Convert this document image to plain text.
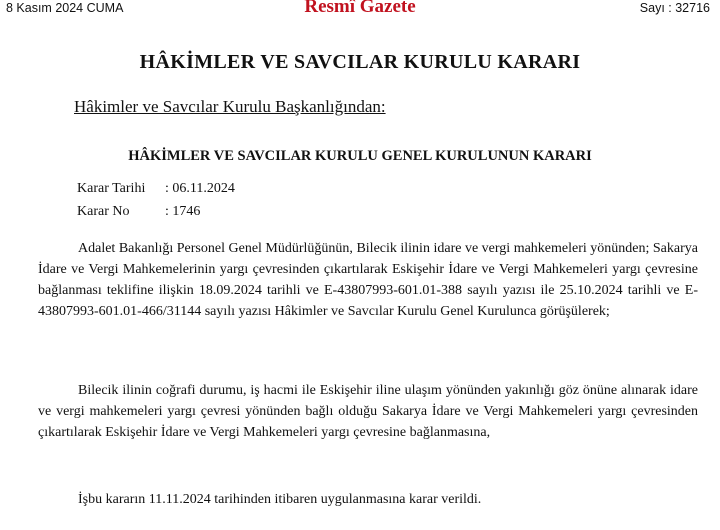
8 Kasım 2024 CUMA	Resmî Gazete	Sayı : 32716
HÂKİMLER VE SAVCILAR KURULU KARARI
Hâkimler ve Savcılar Kurulu Başkanlığından:
HÂKİMLER VE SAVCILAR KURULU GENEL KURULUNUN KARARI
Karar Tarihi : 06.11.2024
Karar No	: 1746
Adalet Bakanlığı Personel Genel Müdürlüğünün, Bilecik ilinin idare ve vergi mahkemeleri yönünden; Sakarya İdare ve Vergi Mahkemelerinin yargı çevresinden çıkartılarak Eskişehir İdare ve Vergi Mahkemeleri yargı çevresine bağlanması teklifine ilişkin 18.09.2024 tarihli ve E-43807993-601.01-388 sayılı yazısı ile 25.10.2024 tarihli ve E-43807993-601.01-466/31144 sayılı yazısı Hâkimler ve Savcılar Kurulu Genel Kurulunca görüşülerek;
Bilecik ilinin coğrafi durumu, iş hacmi ile Eskişehir iline ulaşım yönünden yakınlığı göz önüne alınarak idare ve vergi mahkemeleri yargı çevresi yönünden bağlı olduğu Sakarya İdare ve Vergi Mahkemeleri yargı çevresinden çıkartılarak Eskişehir İdare ve Vergi Mahkemeleri yargı çevresine bağlanmasına,
İşbu kararın 11.11.2024 tarihinden itibaren uygulanmasına karar verildi.
